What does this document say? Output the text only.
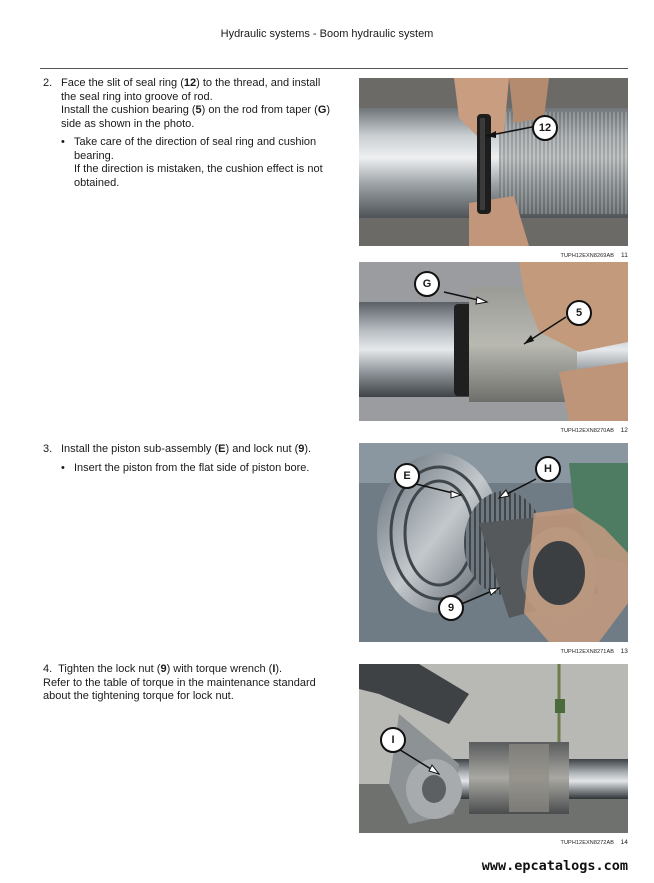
Hydraulic systems - Boom hydraulic system
2. Face the slit of seal ring (12) to the thread, and install
the seal ring into groove of rod.
Install the cushion bearing (5) on the rod from taper (G)
side as shown in the photo.
• Take care of the direction of seal ring and cushion
bearing.
If the direction is mistaken, the cushion effect is not
obtained.
3. Install the piston sub-assembly (E) and lock nut (9).
• Insert the piston from the flat side of piston bore.
4. Tighten the lock nut (9) with torque wrench (I).
Refer to the table of torque in the maintenance standard
about the tightening torque for lock nut.
12
TUPH12EXN8269AB 11
G
5
TUPH12EXN8270AB 12
E
H
9
TUPH12EXN8271AB 13
I
TUPH12EXN8272AB 14
www.epcatalogs.com
